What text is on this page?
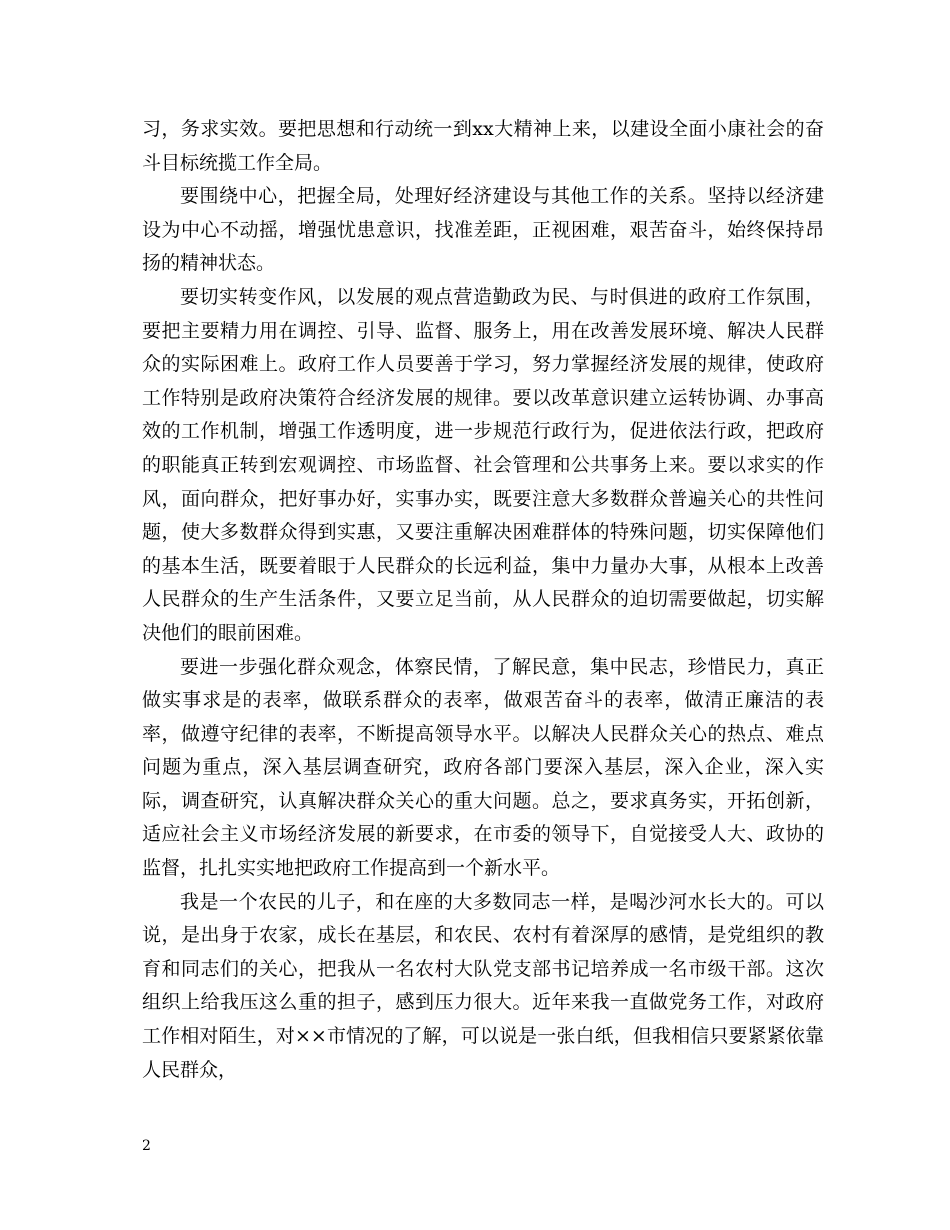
习，务求实效。要把思想和行动统一到xx大精神上来，以建设全面小康社会的奋斗目标统揽工作全局。

要围绕中心，把握全局，处理好经济建设与其他工作的关系。坚持以经济建设为中心不动摇，增强忧患意识，找准差距，正视困难，艰苦奋斗，始终保持昂扬的精神状态。

要切实转变作风，以发展的观点营造勤政为民、与时俱进的政府工作氛围，要把主要精力用在调控、引导、监督、服务上，用在改善发展环境、解决人民群众的实际困难上。政府工作人员要善于学习，努力掌握经济发展的规律，使政府工作特别是政府决策符合经济发展的规律。要以改革意识建立运转协调、办事高效的工作机制，增强工作透明度，进一步规范行政行为，促进依法行政，把政府的职能真正转到宏观调控、市场监督、社会管理和公共事务上来。要以求实的作风，面向群众，把好事办好，实事办实，既要注意大多数群众普遍关心的共性问题，使大多数群众得到实惠，又要注重解决困难群体的特殊问题，切实保障他们的基本生活，既要着眼于人民群众的长远利益，集中力量办大事，从根本上改善人民群众的生产生活条件，又要立足当前，从人民群众的迫切需要做起，切实解决他们的眼前困难。

要进一步强化群众观念，体察民情，了解民意，集中民志，珍惜民力，真正做实事求是的表率，做联系群众的表率，做艰苦奋斗的表率，做清正廉洁的表率，做遵守纪律的表率，不断提高领导水平。以解决人民群众关心的热点、难点问题为重点，深入基层调查研究，政府各部门要深入基层，深入企业，深入实际，调查研究，认真解决群众关心的重大问题。总之，要求真务实，开拓创新，适应社会主义市场经济发展的新要求，在市委的领导下，自觉接受人大、政协的监督，扎扎实实地把政府工作提高到一个新水平。

我是一个农民的儿子，和在座的大多数同志一样，是喝沙河水长大的。可以说，是出身于农家，成长在基层，和农民、农村有着深厚的感情，是党组织的教育和同志们的关心，把我从一名农村大队党支部书记培养成一名市级干部。这次组织上给我压这么重的担子，感到压力很大。近年来我一直做党务工作，对政府工作相对陌生，对××市情况的了解，可以说是一张白纸，但我相信只要紧紧依靠人民群众，

2
